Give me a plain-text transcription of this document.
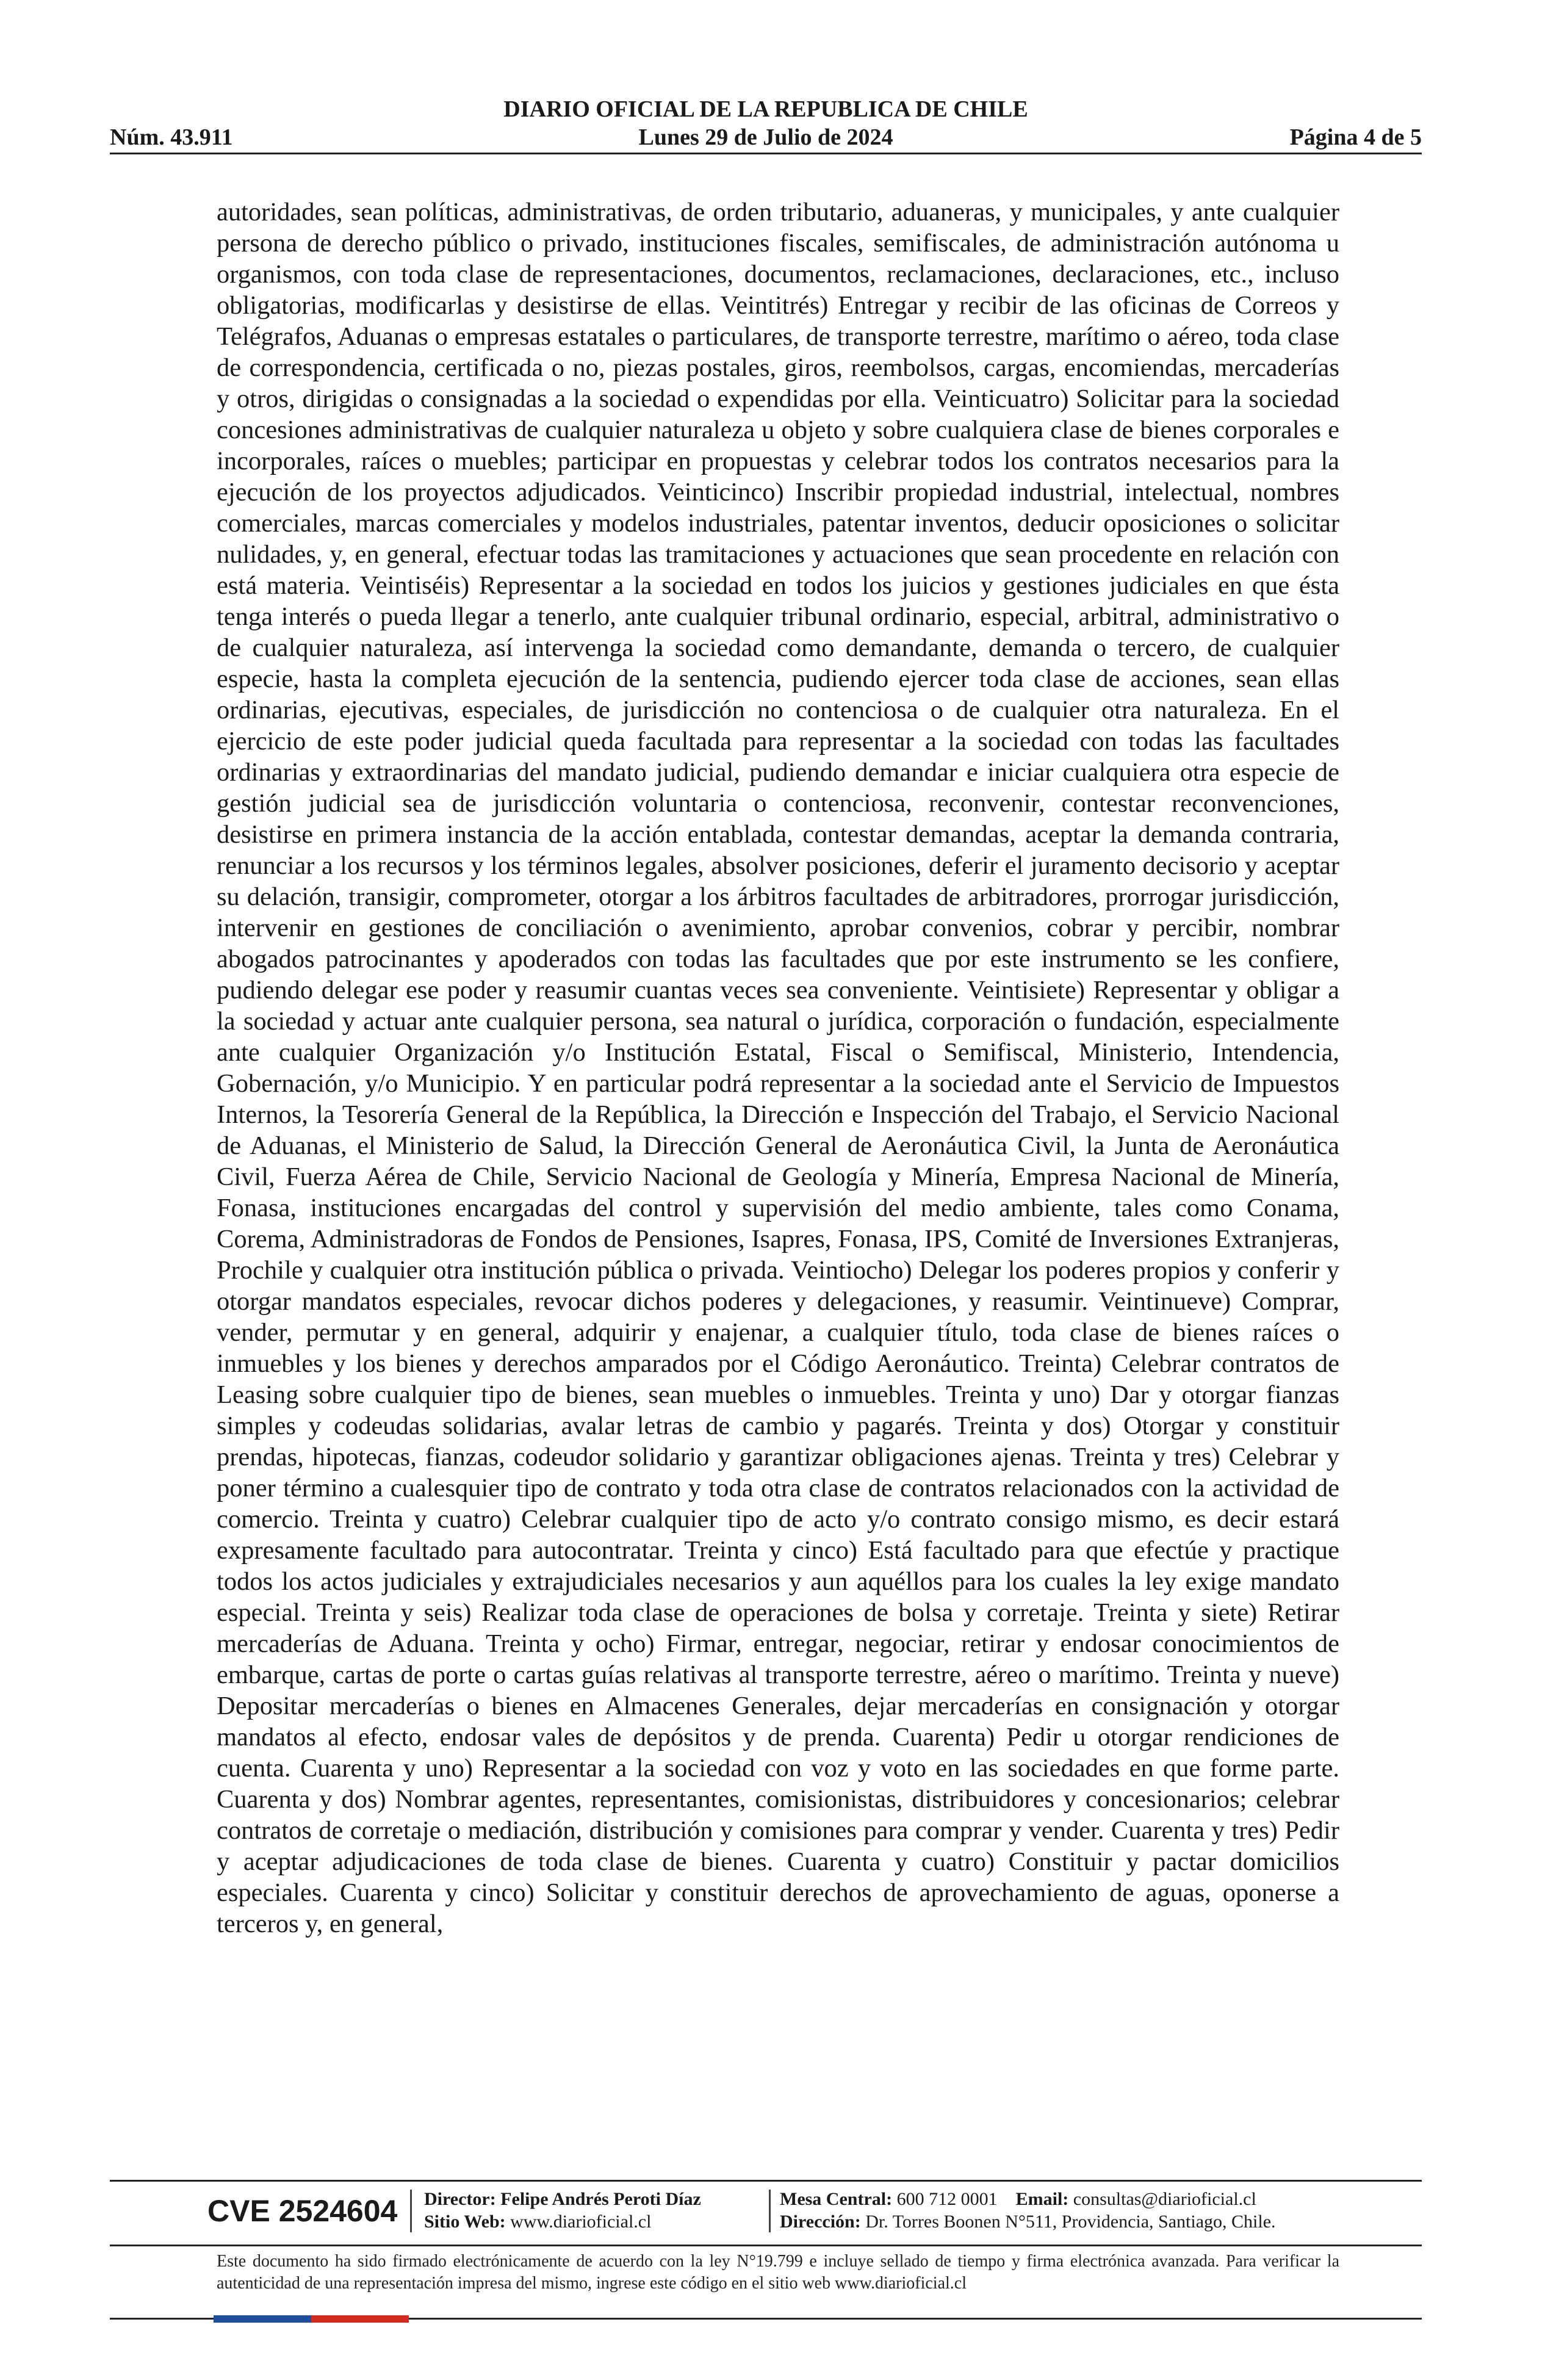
DIARIO OFICIAL DE LA REPUBLICA DE CHILE
Núm. 43.911	Lunes 29 de Julio de 2024	Página 4 de 5
autoridades, sean políticas, administrativas, de orden tributario, aduaneras, y municipales, y ante cualquier persona de derecho público o privado, instituciones fiscales, semifiscales, de administración autónoma u organismos, con toda clase de representaciones, documentos, reclamaciones, declaraciones, etc., incluso obligatorias, modificarlas y desistirse de ellas. Veintitrés) Entregar y recibir de las oficinas de Correos y Telégrafos, Aduanas o empresas estatales o particulares, de transporte terrestre, marítimo o aéreo, toda clase de correspondencia, certificada o no, piezas postales, giros, reembolsos, cargas, encomiendas, mercaderías y otros, dirigidas o consignadas a la sociedad o expendidas por ella. Veinticuatro) Solicitar para la sociedad concesiones administrativas de cualquier naturaleza u objeto y sobre cualquiera clase de bienes corporales e incorporales, raíces o muebles; participar en propuestas y celebrar todos los contratos necesarios para la ejecución de los proyectos adjudicados. Veinticinco) Inscribir propiedad industrial, intelectual, nombres comerciales, marcas comerciales y modelos industriales, patentar inventos, deducir oposiciones o solicitar nulidades, y, en general, efectuar todas las tramitaciones y actuaciones que sean procedente en relación con está materia. Veintiséis) Representar a la sociedad en todos los juicios y gestiones judiciales en que ésta tenga interés o pueda llegar a tenerlo, ante cualquier tribunal ordinario, especial, arbitral, administrativo o de cualquier naturaleza, así intervenga la sociedad como demandante, demanda o tercero, de cualquier especie, hasta la completa ejecución de la sentencia, pudiendo ejercer toda clase de acciones, sean ellas ordinarias, ejecutivas, especiales, de jurisdicción no contenciosa o de cualquier otra naturaleza. En el ejercicio de este poder judicial queda facultada para representar a la sociedad con todas las facultades ordinarias y extraordinarias del mandato judicial, pudiendo demandar e iniciar cualquiera otra especie de gestión judicial sea de jurisdicción voluntaria o contenciosa, reconvenir, contestar reconvenciones, desistirse en primera instancia de la acción entablada, contestar demandas, aceptar la demanda contraria, renunciar a los recursos y los términos legales, absolver posiciones, deferir el juramento decisorio y aceptar su delación, transigir, comprometer, otorgar a los árbitros facultades de arbitradores, prorrogar jurisdicción, intervenir en gestiones de conciliación o avenimiento, aprobar convenios, cobrar y percibir, nombrar abogados patrocinantes y apoderados con todas las facultades que por este instrumento se les confiere, pudiendo delegar ese poder y reasumir cuantas veces sea conveniente. Veintisiete) Representar y obligar a la sociedad y actuar ante cualquier persona, sea natural o jurídica, corporación o fundación, especialmente ante cualquier Organización y/o Institución Estatal, Fiscal o Semifiscal, Ministerio, Intendencia, Gobernación, y/o Municipio. Y en particular podrá representar a la sociedad ante el Servicio de Impuestos Internos, la Tesorería General de la República, la Dirección e Inspección del Trabajo, el Servicio Nacional de Aduanas, el Ministerio de Salud, la Dirección General de Aeronáutica Civil, la Junta de Aeronáutica Civil, Fuerza Aérea de Chile, Servicio Nacional de Geología y Minería, Empresa Nacional de Minería, Fonasa, instituciones encargadas del control y supervisión del medio ambiente, tales como Conama, Corema, Administradoras de Fondos de Pensiones, Isapres, Fonasa, IPS, Comité de Inversiones Extranjeras, Prochile y cualquier otra institución pública o privada. Veintiocho) Delegar los poderes propios y conferir y otorgar mandatos especiales, revocar dichos poderes y delegaciones, y reasumir. Veintinueve) Comprar, vender, permutar y en general, adquirir y enajenar, a cualquier título, toda clase de bienes raíces o inmuebles y los bienes y derechos amparados por el Código Aeronáutico. Treinta) Celebrar contratos de Leasing sobre cualquier tipo de bienes, sean muebles o inmuebles. Treinta y uno) Dar y otorgar fianzas simples y codeudas solidarias, avalar letras de cambio y pagarés. Treinta y dos) Otorgar y constituir prendas, hipotecas, fianzas, codeudor solidario y garantizar obligaciones ajenas. Treinta y tres) Celebrar y poner término a cualesquier tipo de contrato y toda otra clase de contratos relacionados con la actividad de comercio. Treinta y cuatro) Celebrar cualquier tipo de acto y/o contrato consigo mismo, es decir estará expresamente facultado para autocontratar. Treinta y cinco) Está facultado para que efectúe y practique todos los actos judiciales y extrajudiciales necesarios y aun aquéllos para los cuales la ley exige mandato especial. Treinta y seis) Realizar toda clase de operaciones de bolsa y corretaje. Treinta y siete) Retirar mercaderías de Aduana. Treinta y ocho) Firmar, entregar, negociar, retirar y endosar conocimientos de embarque, cartas de porte o cartas guías relativas al transporte terrestre, aéreo o marítimo. Treinta y nueve) Depositar mercaderías o bienes en Almacenes Generales, dejar mercaderías en consignación y otorgar mandatos al efecto, endosar vales de depósitos y de prenda. Cuarenta) Pedir u otorgar rendiciones de cuenta. Cuarenta y uno) Representar a la sociedad con voz y voto en las sociedades en que forme parte. Cuarenta y dos) Nombrar agentes, representantes, comisionistas, distribuidores y concesionarios; celebrar contratos de corretaje o mediación, distribución y comisiones para comprar y vender. Cuarenta y tres) Pedir y aceptar adjudicaciones de toda clase de bienes. Cuarenta y cuatro) Constituir y pactar domicilios especiales. Cuarenta y cinco) Solicitar y constituir derechos de aprovechamiento de aguas, oponerse a terceros y, en general,
CVE 2524604 Director: Felipe Andrés Peroti Díaz
Sitio Web: www.diarioficial.cl
Mesa Central: 600 712 0001 Email: consultas@diarioficial.cl
Dirección: Dr. Torres Boonen N°511, Providencia, Santiago, Chile.
Este documento ha sido firmado electrónicamente de acuerdo con la ley N°19.799 e incluye sellado de tiempo y firma electrónica avanzada. Para verificar la autenticidad de una representación impresa del mismo, ingrese este código en el sitio web www.diarioficial.cl
